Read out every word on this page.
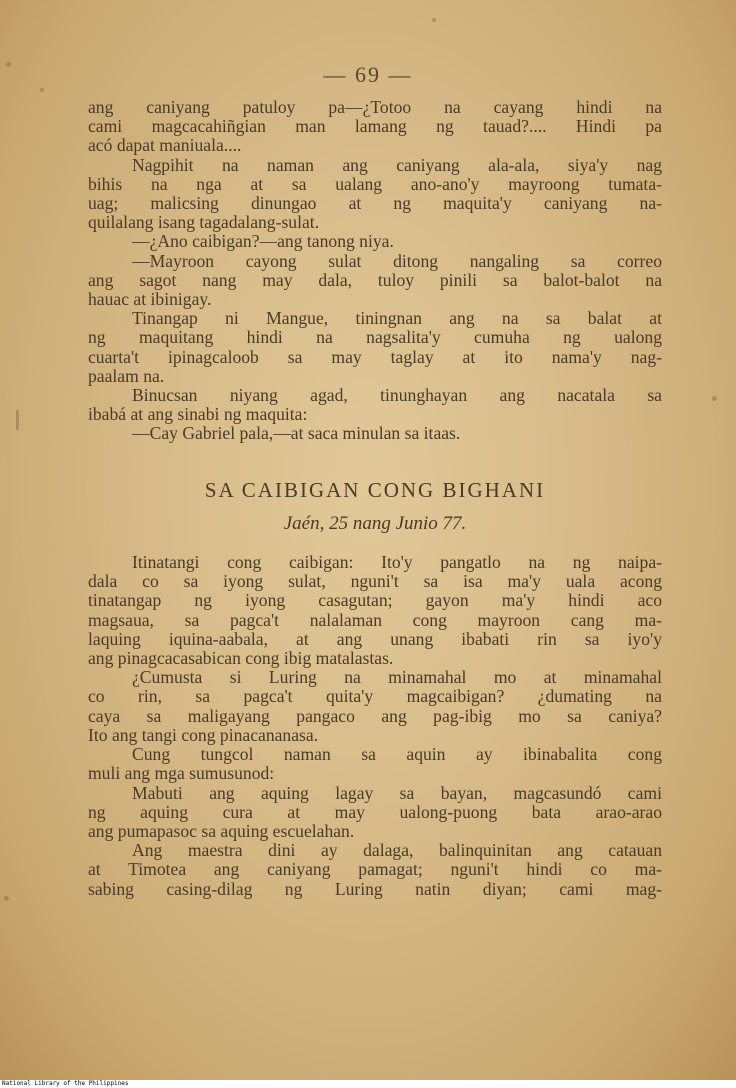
— 69 —
ang caniyang patuloy pa—¿Totoo na cayang hindi na
cami magcacahiñgian man lamang ng tauad?.... Hindi pa
acó dapat maniuala....
Nagpihit na naman ang caniyang ala-ala, siya'y nag
bihis na nga at sa ualang ano-ano'y mayroong tumata-
uag; malicsing dinungao at ng maquita'y caniyang na-
quilalang isang tagadalang-sulat.
—¿Ano caibigan?—ang tanong niya.
—Mayroon cayong sulat ditong nangaling sa correo
ang sagot nang may dala, tuloy pinili sa balot-balot na
hauac at ibinigay.
Tinangap ni Mangue, tiningnan ang na sa balat at
ng maquitang hindi na nagsalita'y cumuha ng ualong
cuarta't ipinagcaloob sa may taglay at ito nama'y nag-
paalam na.
Binucsan niyang agad, tinunghayan ang nacatala sa
ibabá at ang sinabi ng maquita:
—Cay Gabriel pala,—at saca minulan sa itaas.
SA CAIBIGAN CONG BIGHANI
Jaén, 25 nang Junio 77.
Itinatangi cong caibigan: Ito'y pangatlo na ng naipa-
dala co sa iyong sulat, nguni't sa isa ma'y uala acong
tinatangap ng iyong casagutan; gayon ma'y hindi aco
magsaua, sa pagca't nalalaman cong mayroon cang ma-
laquing iquina-aabala, at ang unang ibabati rin sa iyo'y
ang pinagcacasabican cong ibig matalastas.
¿Cumusta si Luring na minamahal mo at minamahal
co rin, sa pagca't quita'y magcaibigan? ¿dumating na
caya sa maligayang pangaco ang pag-ibig mo sa caniya?
Ito ang tangi cong pinacananasa.
Cung tungcol naman sa aquin ay ibinabalita cong
muli ang mga sumusunod:
Mabuti ang aquing lagay sa bayan, magcasundó cami
ng aquing cura at may ualong-puong bata arao-arao
ang pumapasoc sa aquing escuelahan.
Ang maestra dini ay dalaga, balinquinitan ang catauan
at Timotea ang caniyang pamagat; nguni't hindi co ma-
sabing casing-dilag ng Luring natin diyan; cami mag-
National Library of the Philippines
